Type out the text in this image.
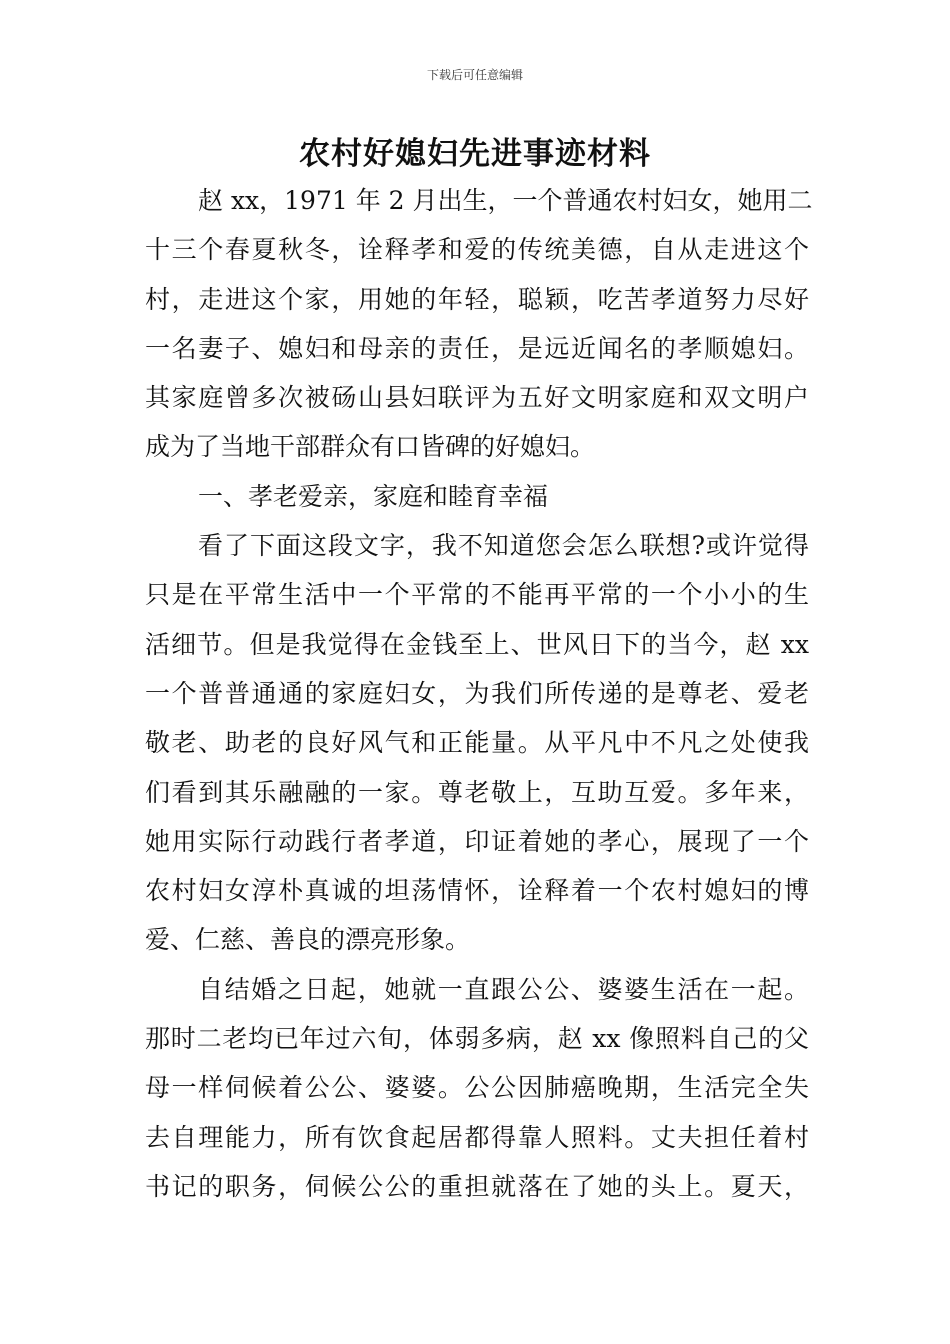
下载后可任意编辑
农村好媳妇先进事迹材料
赵 xx，1971 年 2 月出生，一个普通农村妇女，她用二
十三个春夏秋冬，诠释孝和爱的传统美德，自从走进这个
村，走进这个家，用她的年轻，聪颖，吃苦孝道努力尽好
一名妻子、媳妇和母亲的责任，是远近闻名的孝顺媳妇。
其家庭曾多次被砀山县妇联评为五好文明家庭和双文明户
成为了当地干部群众有口皆碑的好媳妇。
一、孝老爱亲，家庭和睦育幸福
看了下面这段文字，我不知道您会怎么联想?或许觉得
只是在平常生活中一个平常的不能再平常的一个小小的生
活细节。但是我觉得在金钱至上、世风日下的当今，赵 xx
一个普普通通的家庭妇女，为我们所传递的是尊老、爱老
敬老、助老的良好风气和正能量。从平凡中不凡之处使我
们看到其乐融融的一家。尊老敬上，互助互爱。多年来，
她用实际行动践行者孝道，印证着她的孝心，展现了一个
农村妇女淳朴真诚的坦荡情怀，诠释着一个农村媳妇的博
爱、仁慈、善良的漂亮形象。
自结婚之日起，她就一直跟公公、婆婆生活在一起。
那时二老均已年过六旬，体弱多病，赵 xx 像照料自己的父
母一样伺候着公公、婆婆。公公因肺癌晚期，生活完全失
去自理能力，所有饮食起居都得靠人照料。丈夫担任着村
书记的职务，伺候公公的重担就落在了她的头上。夏天，
